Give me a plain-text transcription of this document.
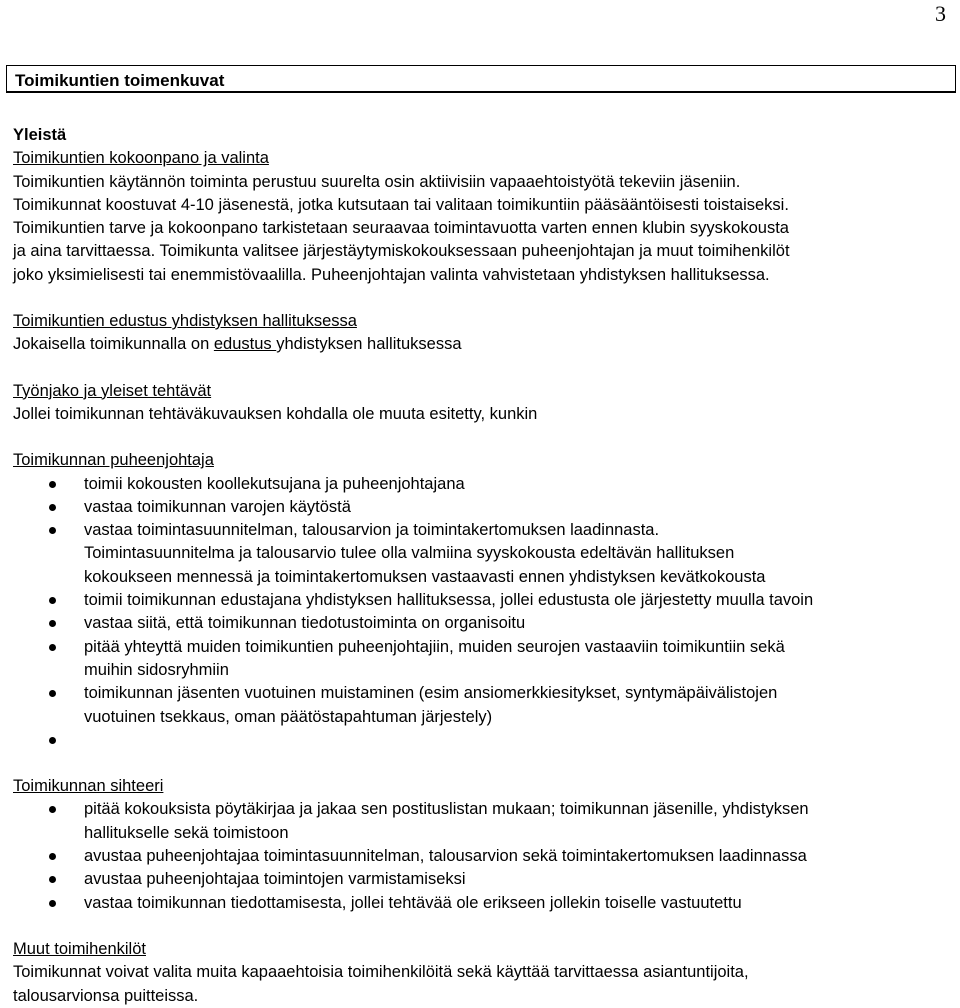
3
Toimikuntien toimenkuvat

Yleistä

Toimikuntien kokoonpano ja valinta

Toimikuntien käytännön toiminta perustuu suurelta osin aktiivisiin vapaaehtoistyötä tekeviin jäseniin.

Toimikunnat koostuvat 4-10 jäsenestä, jotka kutsutaan tai valitaan toimikuntiin pääsääntöisesti toistaiseksi.

Toimikuntien tarve ja kokoonpano tarkistetaan seuraavaa toimintavuotta varten ennen klubin syyskokousta

ja aina tarvittaessa. Toimikunta valitsee järjestäytymiskokouksessaan puheenjohtajan ja muut toimihenkilöt

joko yksimielisesti tai enemmistövaalilla. Puheenjohtajan valinta vahvistetaan yhdistyksen hallituksessa.

Toimikuntien edustus yhdistyksen hallituksessa

Jokaisella toimikunnalla on edustus yhdistyksen hallituksessa

Työnjako ja yleiset tehtävät

Jollei toimikunnan tehtäväkuvauksen kohdalla ole muuta esitetty, kunkin

Toimikunnan puheenjohtaja

toimii kokousten koollekutsujana ja puheenjohtajana
vastaa toimikunnan varojen käytöstä
vastaa toimintasuunnitelman, talousarvion ja toimintakertomuksen laadinnasta.
Toimintasuunnitelma ja talousarvio tulee olla valmiina syyskokousta edeltävän hallituksen
kokoukseen mennessä ja toimintakertomuksen vastaavasti ennen yhdistyksen kevätkokousta
toimii toimikunnan edustajana yhdistyksen hallituksessa, jollei edustusta ole järjestetty muulla tavoin
vastaa siitä, että toimikunnan tiedotustoiminta on organisoitu
pitää yhteyttä muiden toimikuntien puheenjohtajiin, muiden seurojen vastaaviin toimikuntiin sekä
muihin sidosryhmiin
toimikunnan jäsenten vuotuinen muistaminen (esim ansiomerkkiesitykset, syntymäpäivälistojen
vuotuinen tsekkaus, oman päätöstapahtuman järjestely)

Toimikunnan sihteeri

pitää kokouksista pöytäkirjaa ja jakaa sen postituslistan mukaan; toimikunnan jäsenille, yhdistyksen
hallitukselle sekä toimistoon
avustaa puheenjohtajaa toimintasuunnitelman, talousarvion sekä toimintakertomuksen laadinnassa
avustaa puheenjohtajaa toimintojen varmistamiseksi
vastaa toimikunnan tiedottamisesta, jollei tehtävää ole erikseen jollekin toiselle vastuutettu

Muut toimihenkilöt

Toimikunnat voivat valita muita kapaaehtoisia toimihenkilöitä sekä käyttää tarvittaessa asiantuntijoita,

talousarvionsa puitteissa.
